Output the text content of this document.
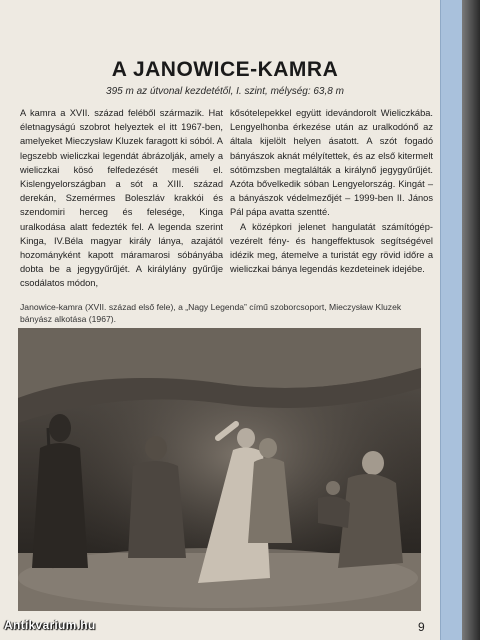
A JANOWICE-KAMRA
395 m az útvonal kezdetétől, I. szint, mélység: 63,8 m

A kamra a XVII. század feléből származik. Hat életnagyságú szobrot helyeztek el itt 1967-ben, amelyeket Mieczysław Kluzek faragott ki sóból. A legszebb wieliczkai legendát ábrázolják, amely a wieliczkai kösó felfedezését meséli el. Kislengyelországban a sót a XIII. század derekán, Szemérmes Boleszláv krakkói és szendomiri herceg és felesége, Kinga uralkodása alatt fedezték fel. A legenda szerint Kinga, IV.Béla magyar király lánya, azajától hozományként kapott máramarosi sóbányába dobta be a jegygyűrűjét. A királylány gyűrűje csodálatos módon,

kősótelepekkel együtt idevándorolt Wieliczkába. Lengyelhonba érkezése után az uralkodónő az általa kijelölt helyen ásatott. A szót fogadó bányászok aknát mélyítettek, és az első kitermelt sótömzsben megtalálták a királynő jegygyűrűjét. Azóta bővelkedik sóban Lengyelország. Kingát – a bányászok védelmezőjét – 1999-ben II. János Pál pápa avatta szentté.

A középkori jelenet hangulatát számítógép-vezérelt fény- és hangeffektusok segítségével idézik meg, átemelve a turistát egy rövid időre a wieliczkai bánya legendás kezdeteinek idejébe.

Janowice-kamra (XVII. század első fele), a „Nagy Legenda” című szoborcsoport, Mieczysław Kluzek bányász alkotása (1967).
9
Antikvarium.hu
